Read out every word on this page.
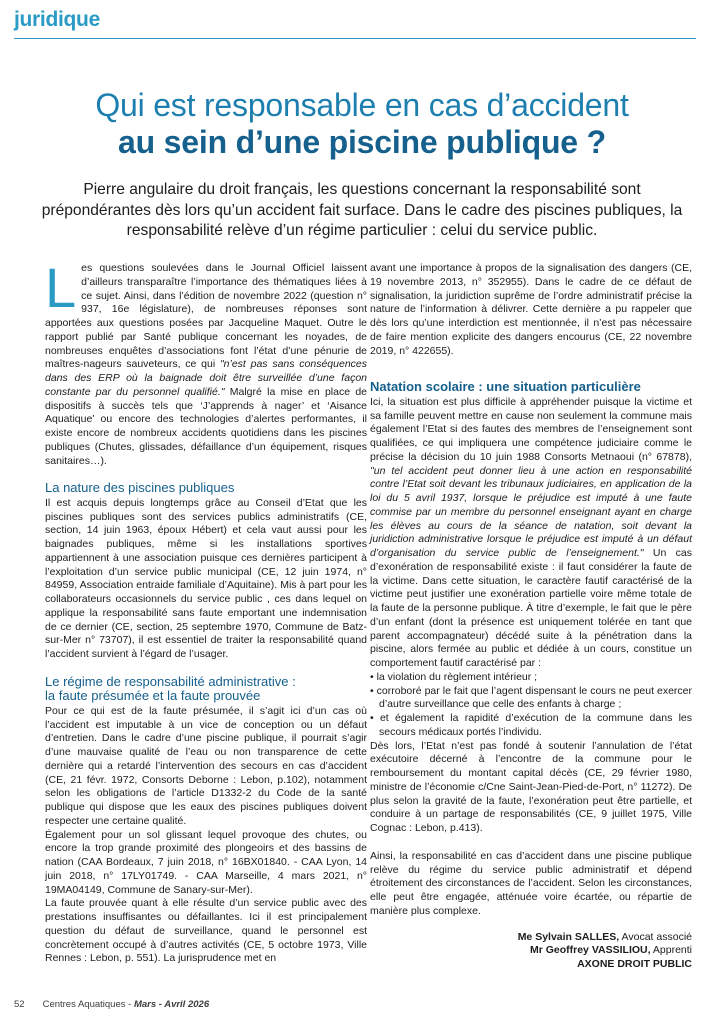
juridique
Qui est responsable en cas d’accident
au sein d’une piscine publique ?

Pierre angulaire du droit français, les questions concernant la responsabilité sont prépondérantes dès lors qu’un accident fait surface. Dans le cadre des piscines publiques, la responsabilité relève d’un régime particulier : celui du service public.

Les questions soulevées dans le Journal Officiel laissent d’ailleurs transparaître l’importance des thématiques liées à ce sujet. Ainsi, dans l’édition de novembre 2022 (question n° 937, 16e législature), de nombreuses réponses sont apportées aux questions posées par Jacqueline Maquet. Outre le rapport publié par Santé publique concernant les noyades, de nombreuses enquêtes d’associations font l’état d’une pénurie de maîtres-nageurs sauveteurs, ce qui "n’est pas sans conséquences dans des ERP où la baignade doit être surveillée d’une façon constante par du personnel qualifié." Malgré la mise en place de dispositifs à succès tels que ‘J’apprends à nager’ et ‘Aisance Aquatique’ ou encore des technologies d’alertes performantes, il existe encore de nombreux accidents quotidiens dans les piscines publiques (Chutes, glissades, défaillance d’un équipement, risques sanitaires…).

La nature des piscines publiques

Il est acquis depuis longtemps grâce au Conseil d’Etat que les piscines publiques sont des services publics administratifs (CE, section, 14 juin 1963, époux Hébert) et cela vaut aussi pour les baignades publiques, même si les installations sportives appartiennent à une association puisque ces dernières participent à l’exploitation d’un service public municipal (CE, 12 juin 1974, n° 84959, Association entraide familiale d’Aquitaine). Mis à part pour les collaborateurs occasionnels du service public , ces dans lequel on applique la responsabilité sans faute emportant une indemnisation de ce dernier (CE, section, 25 septembre 1970, Commune de Batz-sur-Mer n° 73707), il est essentiel de traiter la responsabilité quand l’accident survient à l’égard de l’usager.

Le régime de responsabilité administrative :
la faute présumée et la faute prouvée

Pour ce qui est de la faute présumée, il s’agit ici d’un cas où l’accident est imputable à un vice de conception ou un défaut d’entretien. Dans le cadre d’une piscine publique, il pourrait s’agir d’une mauvaise qualité de l’eau ou non transparence de cette dernière qui a retardé l’intervention des secours en cas d’accident (CE, 21 févr. 1972, Consorts Deborne : Lebon, p.102), notamment selon les obligations de l’article D1332-2 du Code de la santé publique qui dispose que les eaux des piscines publiques doivent respecter une certaine qualité.

Également pour un sol glissant lequel provoque des chutes, ou encore la trop grande proximité des plongeoirs et des bassins de nation (CAA Bordeaux, 7 juin 2018, n° 16BX01840. - CAA Lyon, 14 juin 2018, n° 17LY01749. - CAA Marseille, 4 mars 2021, n° 19MA04149, Commune de Sanary-sur-Mer).

La faute prouvée quant à elle résulte d’un service public avec des prestations insuffisantes ou défaillantes. Ici il est principalement question du défaut de surveillance, quand le personnel est concrètement occupé à d’autres activités (CE, 5 octobre 1973, Ville Rennes : Lebon, p. 551). La jurisprudence met en

avant une importance à propos de la signalisation des dangers (CE, 19 novembre 2013, n° 352955). Dans le cadre de ce défaut de signalisation, la juridiction suprême de l’ordre administratif précise la nature de l’information à délivrer. Cette dernière a pu rappeler que dès lors qu’une interdiction est mentionnée, il n’est pas nécessaire de faire mention explicite des dangers encourus (CE, 22 novembre 2019, n° 422655).

Natation scolaire : une situation particulière

Ici, la situation est plus difficile à appréhender puisque la victime et sa famille peuvent mettre en cause non seulement la commune mais également l’Etat si des fautes des membres de l’enseignement sont qualifiées, ce qui impliquera une compétence judiciaire comme le précise la décision du 10 juin 1988 Consorts Metnaoui (n° 67878), "un tel accident peut donner lieu à une action en responsabilité contre l’Etat soit devant les tribunaux judiciaires, en application de la loi du 5 avril 1937, lorsque le préjudice est imputé à une faute commise par un membre du personnel enseignant ayant en charge les élèves au cours de la séance de natation, soit devant la juridiction administrative lorsque le préjudice est imputé à un défaut d’organisation du service public de l’enseignement." Un cas d’exonération de responsabilité existe : il faut considérer la faute de la victime. Dans cette situation, le caractère fautif caractérisé de la victime peut justifier une exonération partielle voire même totale de la faute de la personne publique. À titre d’exemple, le fait que le père d’un enfant (dont la présence est uniquement tolérée en tant que parent accompagnateur) décédé suite à la pénétration dans la piscine, alors fermée au public et dédiée à un cours, constitue un comportement fautif caractérisé par :

• la violation du règlement intérieur ;
• corroboré par le fait que l’agent dispensant le cours ne peut exercer d’autre surveillance que celle des enfants à charge ;
• et également la rapidité d’exécution de la commune dans les secours médicaux portés l’individu.

Dès lors, l’Etat n’est pas fondé à soutenir l’annulation de l’état exécutoire décerné à l’encontre de la commune pour le remboursement du montant capital décès (CE, 29 février 1980, ministre de l’économie c/Cne Saint-Jean-Pied-de-Port, n° 11272). De plus selon la gravité de la faute, l’exonération peut être partielle, et conduire à un partage de responsabilités (CE, 9 juillet 1975, Ville Cognac : Lebon, p.413).

Ainsi, la responsabilité en cas d’accident dans une piscine publique relève du régime du service public administratif et dépend étroitement des circonstances de l’accident. Selon les circonstances, elle peut être engagée, atténuée voire écartée, ou répartie de manière plus complexe.

Me Sylvain SALLES, Avocat associé
Mr Geoffrey VASSILIOU, Apprenti
AXONE DROIT PUBLIC
52 Centres Aquatiques - Mars - Avril 2026
